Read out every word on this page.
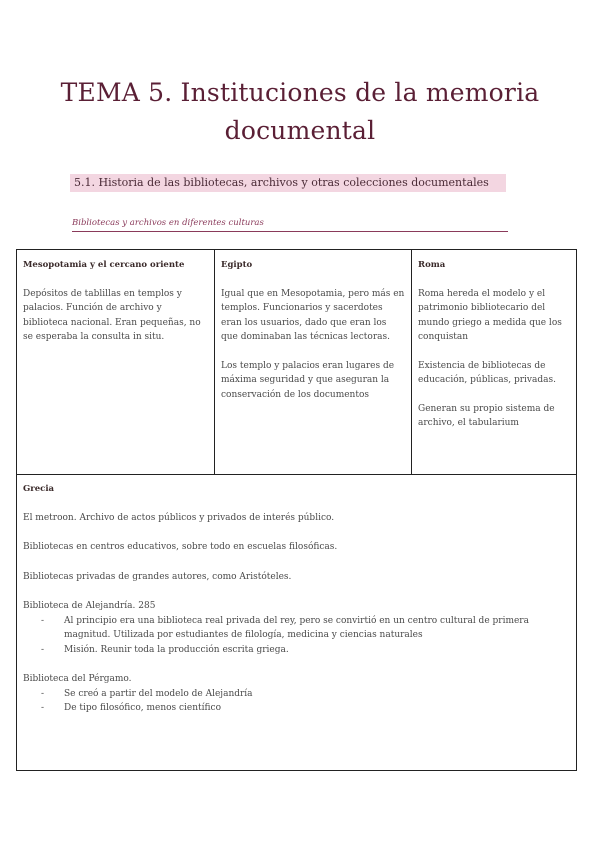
TEMA 5. Instituciones de la memoria
documental
5.1. Historia de las bibliotecas, archivos y otras colecciones documentales
Bibliotecas y archivos en diferentes culturas
Mesopotamia y el cercano oriente

Depósitos de tablillas en templos y palacios. Función de archivo y biblioteca nacional. Eran pequeñas, no se esperaba la consulta in situ.

Egipto

Igual que en Mesopotamia, pero más en templos. Funcionarios y sacerdotes eran los usuarios, dado que eran los que dominaban las técnicas lectoras.

Los templo y palacios eran lugares de máxima seguridad y que aseguran la conservación de los documentos

Roma

Roma hereda el modelo y el patrimonio bibliotecario del mundo griego a medida que los conquistan

Existencia de bibliotecas de educación, públicas, privadas.

Generan su propio sistema de archivo, el tabularium

Grecia

El metroon. Archivo de actos públicos y privados de interés público.

Bibliotecas en centros educativos, sobre todo en escuelas filosóficas.

Bibliotecas privadas de grandes autores, como Aristóteles.

Biblioteca de Alejandría. 285
- Al principio era una biblioteca real privada del rey, pero se convirtió en un centro cultural de primera magnitud. Utilizada por estudiantes de filología, medicina y ciencias naturales
- Misión. Reunir toda la producción escrita griega.
Biblioteca del Pérgamo.
- Se creó a partir del modelo de Alejandría
- De tipo filosófico, menos científico
